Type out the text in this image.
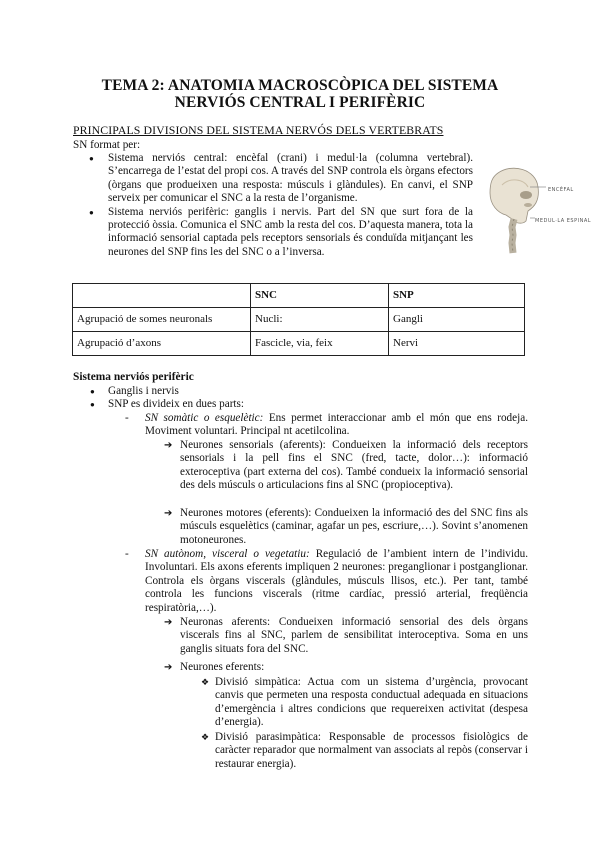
TEMA 2: ANATOMIA MACROSCÒPICA DEL SISTEMA
NERVIÓS CENTRAL I PERIFÈRIC
PRINCIPALS DIVISIONS DEL SISTEMA NERVÓS DELS VERTEBRATS
SN format per:
● Sistema nerviós central: encèfal (crani) i medul·la (columna vertebral). S’encarrega de l’estat del propi cos. A través del SNP controla els òrgans efectors (òrgans que produeixen una resposta: músculs i glàndules). En canvi, el SNP serveix per comunicar el SNC a la resta de l’organisme.
● Sistema nerviós perifèric: ganglis i nervis. Part del SN que surt fora de la protecció òssia. Comunica el SNC amb la resta del cos. D’aquesta manera, tota la informació sensorial captada pels receptors sensorials és conduïda mitjançant les neurones del SNP fins les del SNC o a l’inversa.
ENCÈFAL
MEDUL·LA ESPINAL
	SNC	SNP
Agrupació de somes neuronals	Nucli:	Gangli
Agrupació d’axons	Fascicle, via, feix	Nervi
Sistema nerviós perifèric
● Ganglis i nervis
● SNP es divideix en dues parts:
- SN somàtic o esquelètic: Ens permet interaccionar amb el món que ens rodeja. Moviment voluntari. Principal nt acetilcolina.
➔ Neurones sensorials (aferents): Condueixen la informació dels receptors sensorials i la pell fins el SNC (fred, tacte, dolor…): informació exteroceptiva (part externa del cos). També condueix la informació sensorial des dels músculs o articulacions fins al SNC (propioceptiva).
➔ Neurones motores (eferents): Condueixen la informació des del SNC fins als músculs esquelètics (caminar, agafar un pes, escriure,…). Sovint s’anomenen motoneurones.
- SN autònom, visceral o vegetatiu: Regulació de l’ambient intern de l’individu. Involuntari. Els axons eferents impliquen 2 neurones: preganglionar i postganglionar. Controla els òrgans viscerals (glàndules, músculs llisos, etc.). Per tant, també controla les funcions viscerals (ritme cardíac, pressió arterial, freqüència respiratòria,…).
➔ Neuronas aferents: Condueixen informació sensorial des dels òrgans viscerals fins al SNC, parlem de sensibilitat interoceptiva. Soma en uns ganglis situats fora del SNC.
➔ Neurones eferents:
❖ Divisió simpàtica: Actua com un sistema d’urgència, provocant canvis que permeten una resposta conductual adequada en situacions d’emergència i altres condicions que requereixen activitat (despesa d’energia).
❖ Divisió parasimpàtica: Responsable de processos fisiològics de caràcter reparador que normalment van associats al repòs (conservar i restaurar energia).
